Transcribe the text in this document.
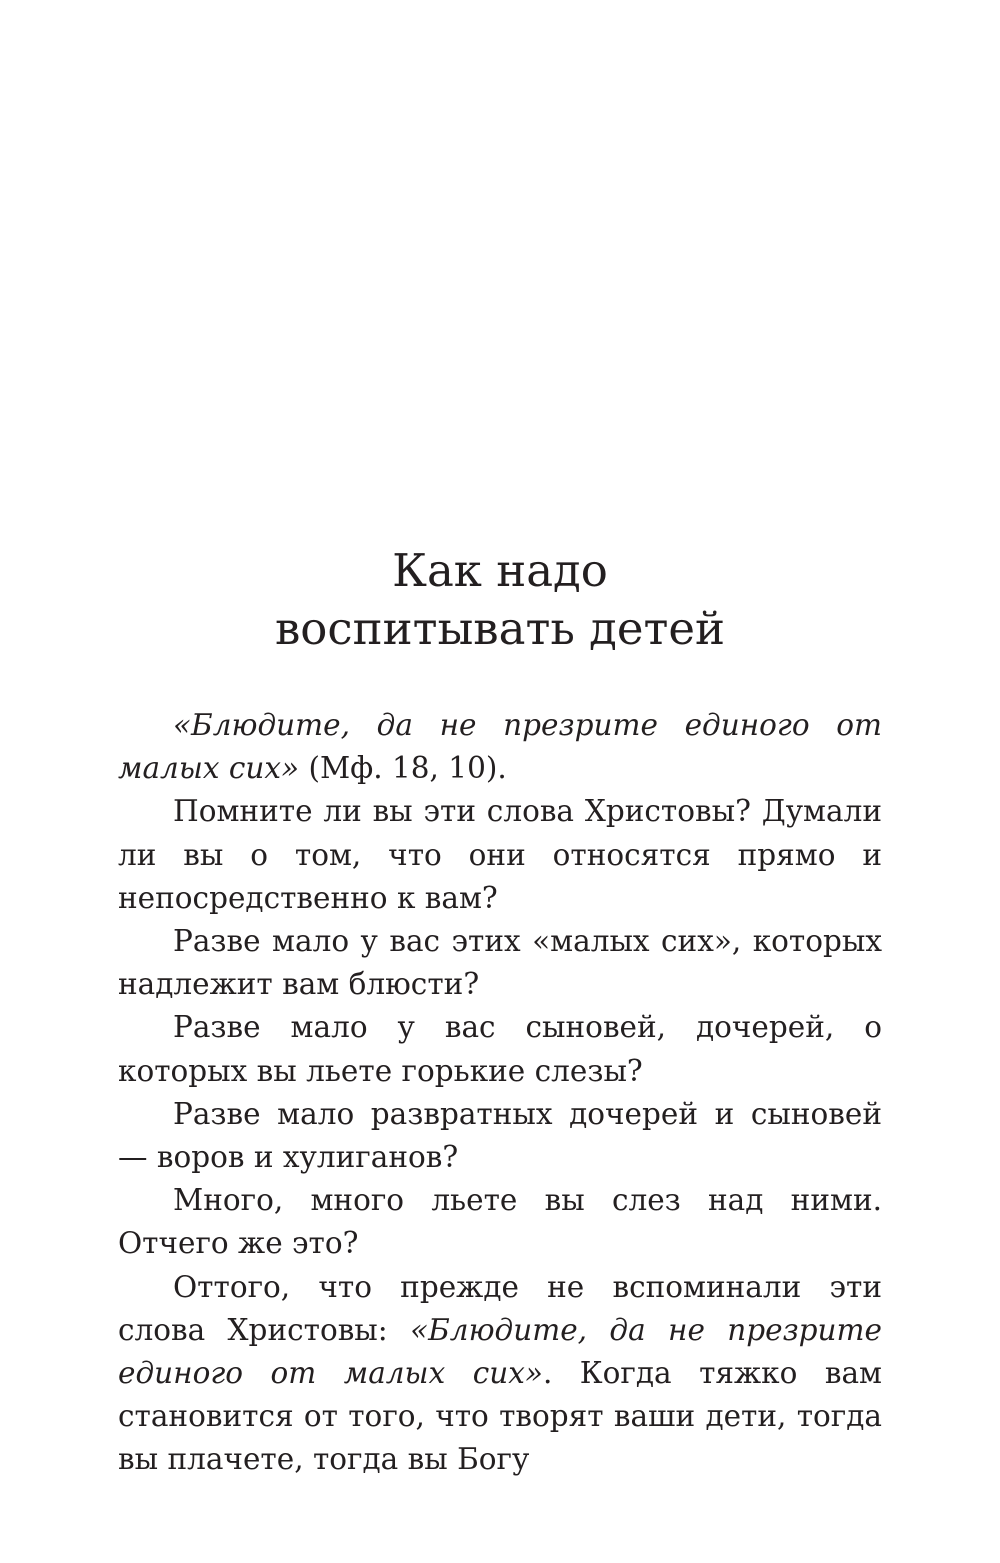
Как надо
воспитывать детей

«Блюдите, да не презрите единого от малых сих» (Мф. 18, 10).

Помните ли вы эти слова Христовы? Думали ли вы о том, что они относятся прямо и непосредственно к вам?

Разве мало у вас этих «малых сих», которых надлежит вам блюсти?

Разве мало у вас сыновей, дочерей, о которых вы льете горькие слезы?

Разве мало развратных дочерей и сыновей — воров и хулиганов?

Много, много льете вы слез над ними. Отчего же это?

Оттого, что прежде не вспоминали эти слова Христовы: «Блюдите, да не презрите единого от малых сих». Когда тяжко вам становится от того, что творят ваши дети, тогда вы плачете, тогда вы Богу
